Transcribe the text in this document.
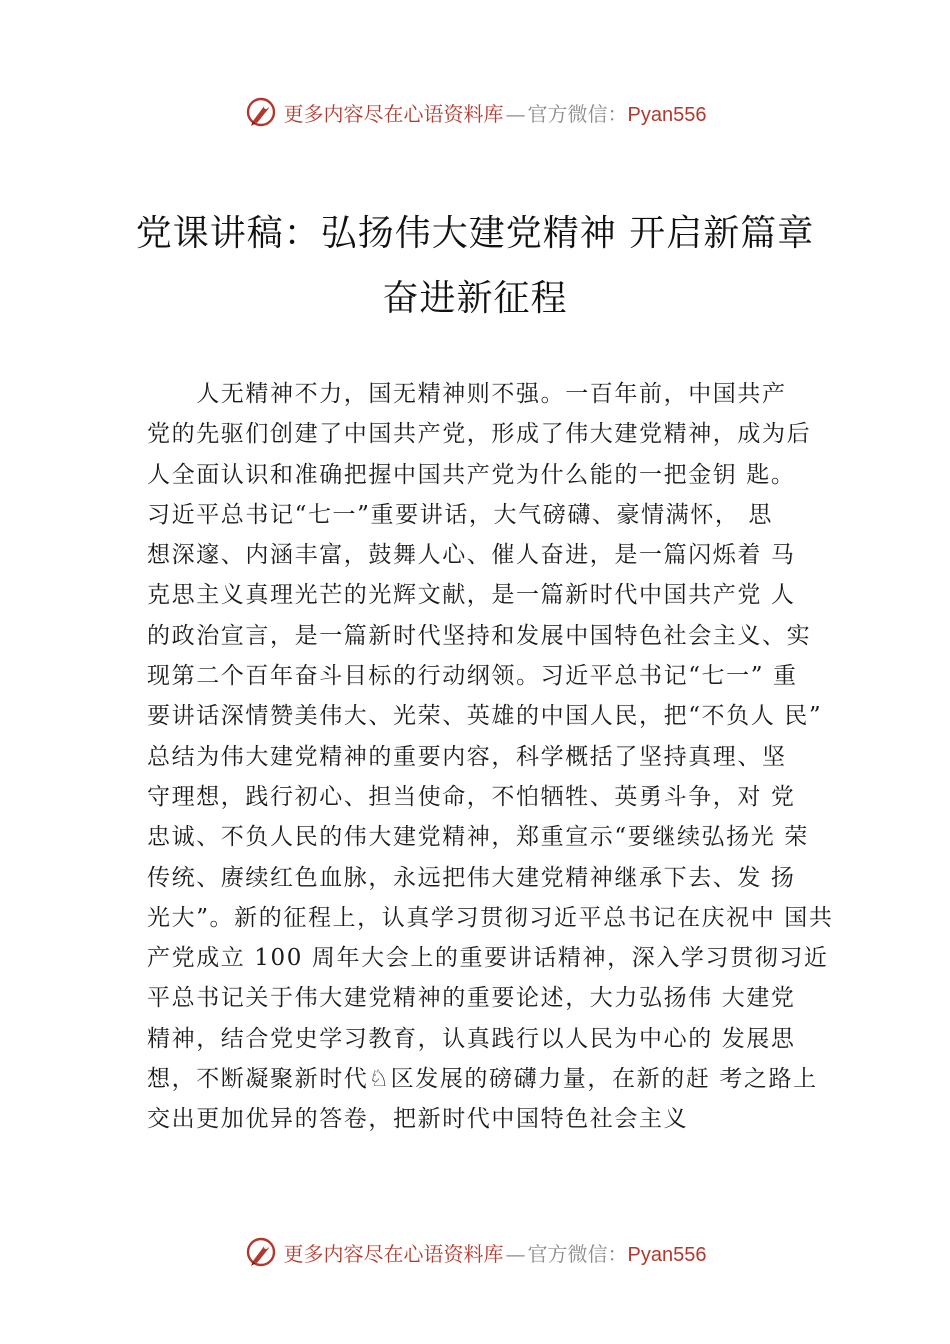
更多内容尽在心语资料库 — 官方微信：Pyan556
党课讲稿：弘扬伟大建党精神 开启新篇章
奋进新征程
　　人无精神不力，国无精神则不强。一百年前，中国共产
党的先驱们创建了中国共产党，形成了伟大建党精神，成为后
人全面认识和准确把握中国共产党为什么能的一把金钥 匙。
习近平总书记“七一”重要讲话，大气磅礴、豪情满怀， 思
想深邃、内涵丰富，鼓舞人心、催人奋进，是一篇闪烁着 马
克思主义真理光芒的光辉文献，是一篇新时代中国共产党 人
的政治宣言，是一篇新时代坚持和发展中国特色社会主义、实
现第二个百年奋斗目标的行动纲领。习近平总书记“七一” 重
要讲话深情赞美伟大、光荣、英雄的中国人民，把“不负人 民”
总结为伟大建党精神的重要内容，科学概括了坚持真理、坚
守理想，践行初心、担当使命，不怕牺牲、英勇斗争，对 党
忠诚、不负人民的伟大建党精神，郑重宣示“要继续弘扬光 荣
传统、赓续红色血脉，永远把伟大建党精神继承下去、发 扬
光大”。新的征程上，认真学习贯彻习近平总书记在庆祝中 国共
产党成立 100 周年大会上的重要讲话精神，深入学习贯彻习近
平总书记关于伟大建党精神的重要论述，大力弘扬伟 大建党
精神，结合党史学习教育，认真践行以人民为中心的 发展思
想，不断凝聚新时代♘区发展的磅礴力量，在新的赶 考之路上
交出更加优异的答卷，把新时代中国特色社会主义
更多内容尽在心语资料库 — 官方微信：Pyan556
